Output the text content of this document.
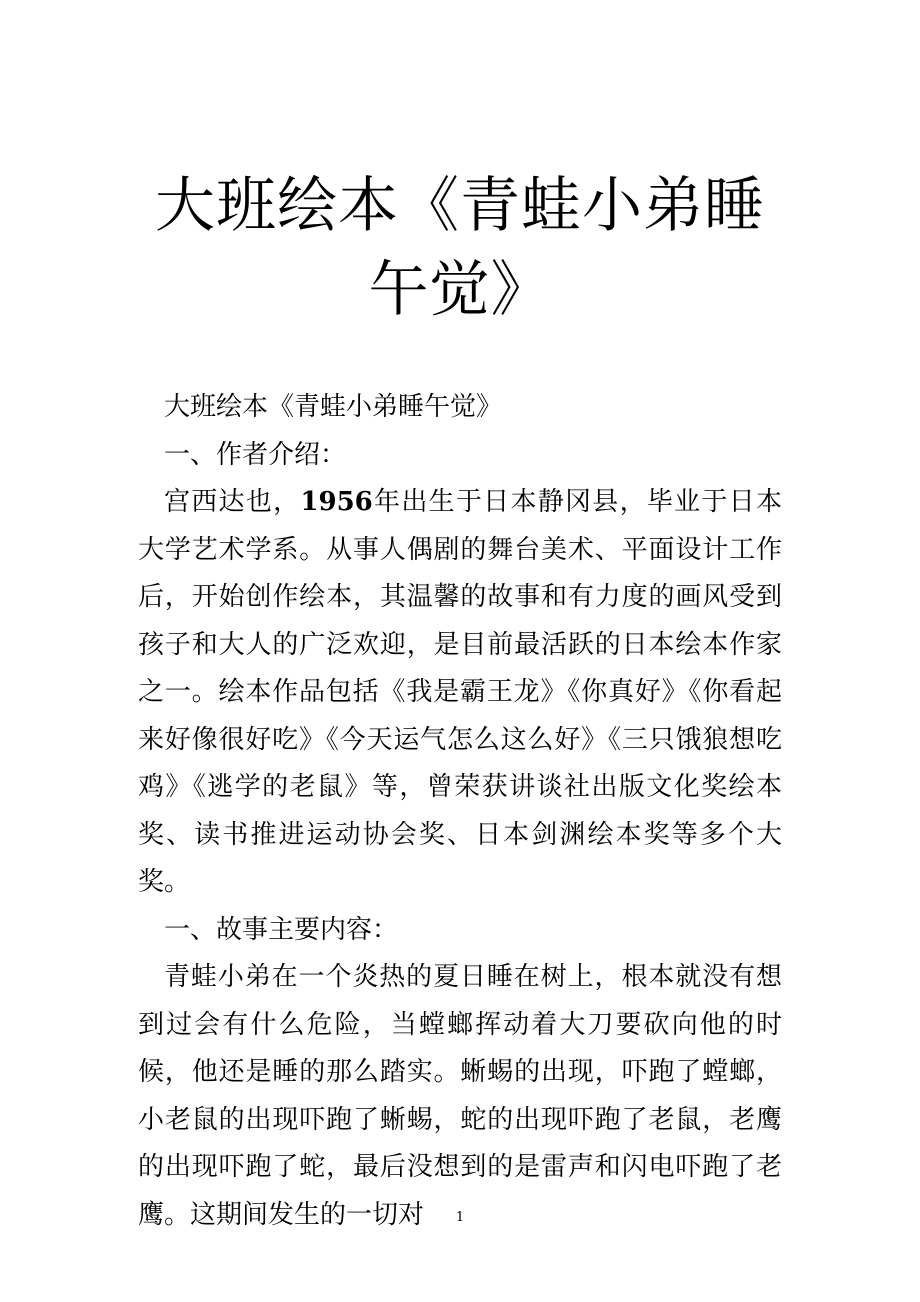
大班绘本《青蛙小弟睡午觉》

大班绘本《青蛙小弟睡午觉》

一、作者介绍：

宫西达也，1956年出生于日本静冈县，毕业于日本大学艺术学系。从事人偶剧的舞台美术、平面设计工作后，开始创作绘本，其温馨的故事和有力度的画风受到孩子和大人的广泛欢迎，是目前最活跃的日本绘本作家之一。绘本作品包括《我是霸王龙》《你真好》《你看起来好像很好吃》《今天运气怎么这么好》《三只饿狼想吃鸡》《逃学的老鼠》等，曾荣获讲谈社出版文化奖绘本奖、读书推进运动协会奖、日本剑渊绘本奖等多个大奖。

一、故事主要内容：

青蛙小弟在一个炎热的夏日睡在树上，根本就没有想到过会有什么危险，当螳螂挥动着大刀要砍向他的时候，他还是睡的那么踏实。蜥蜴的出现，吓跑了螳螂，小老鼠的出现吓跑了蜥蜴，蛇的出现吓跑了老鼠，老鹰的出现吓跑了蛇，最后没想到的是雷声和闪电吓跑了老鹰。这期间发生的一切对	1
